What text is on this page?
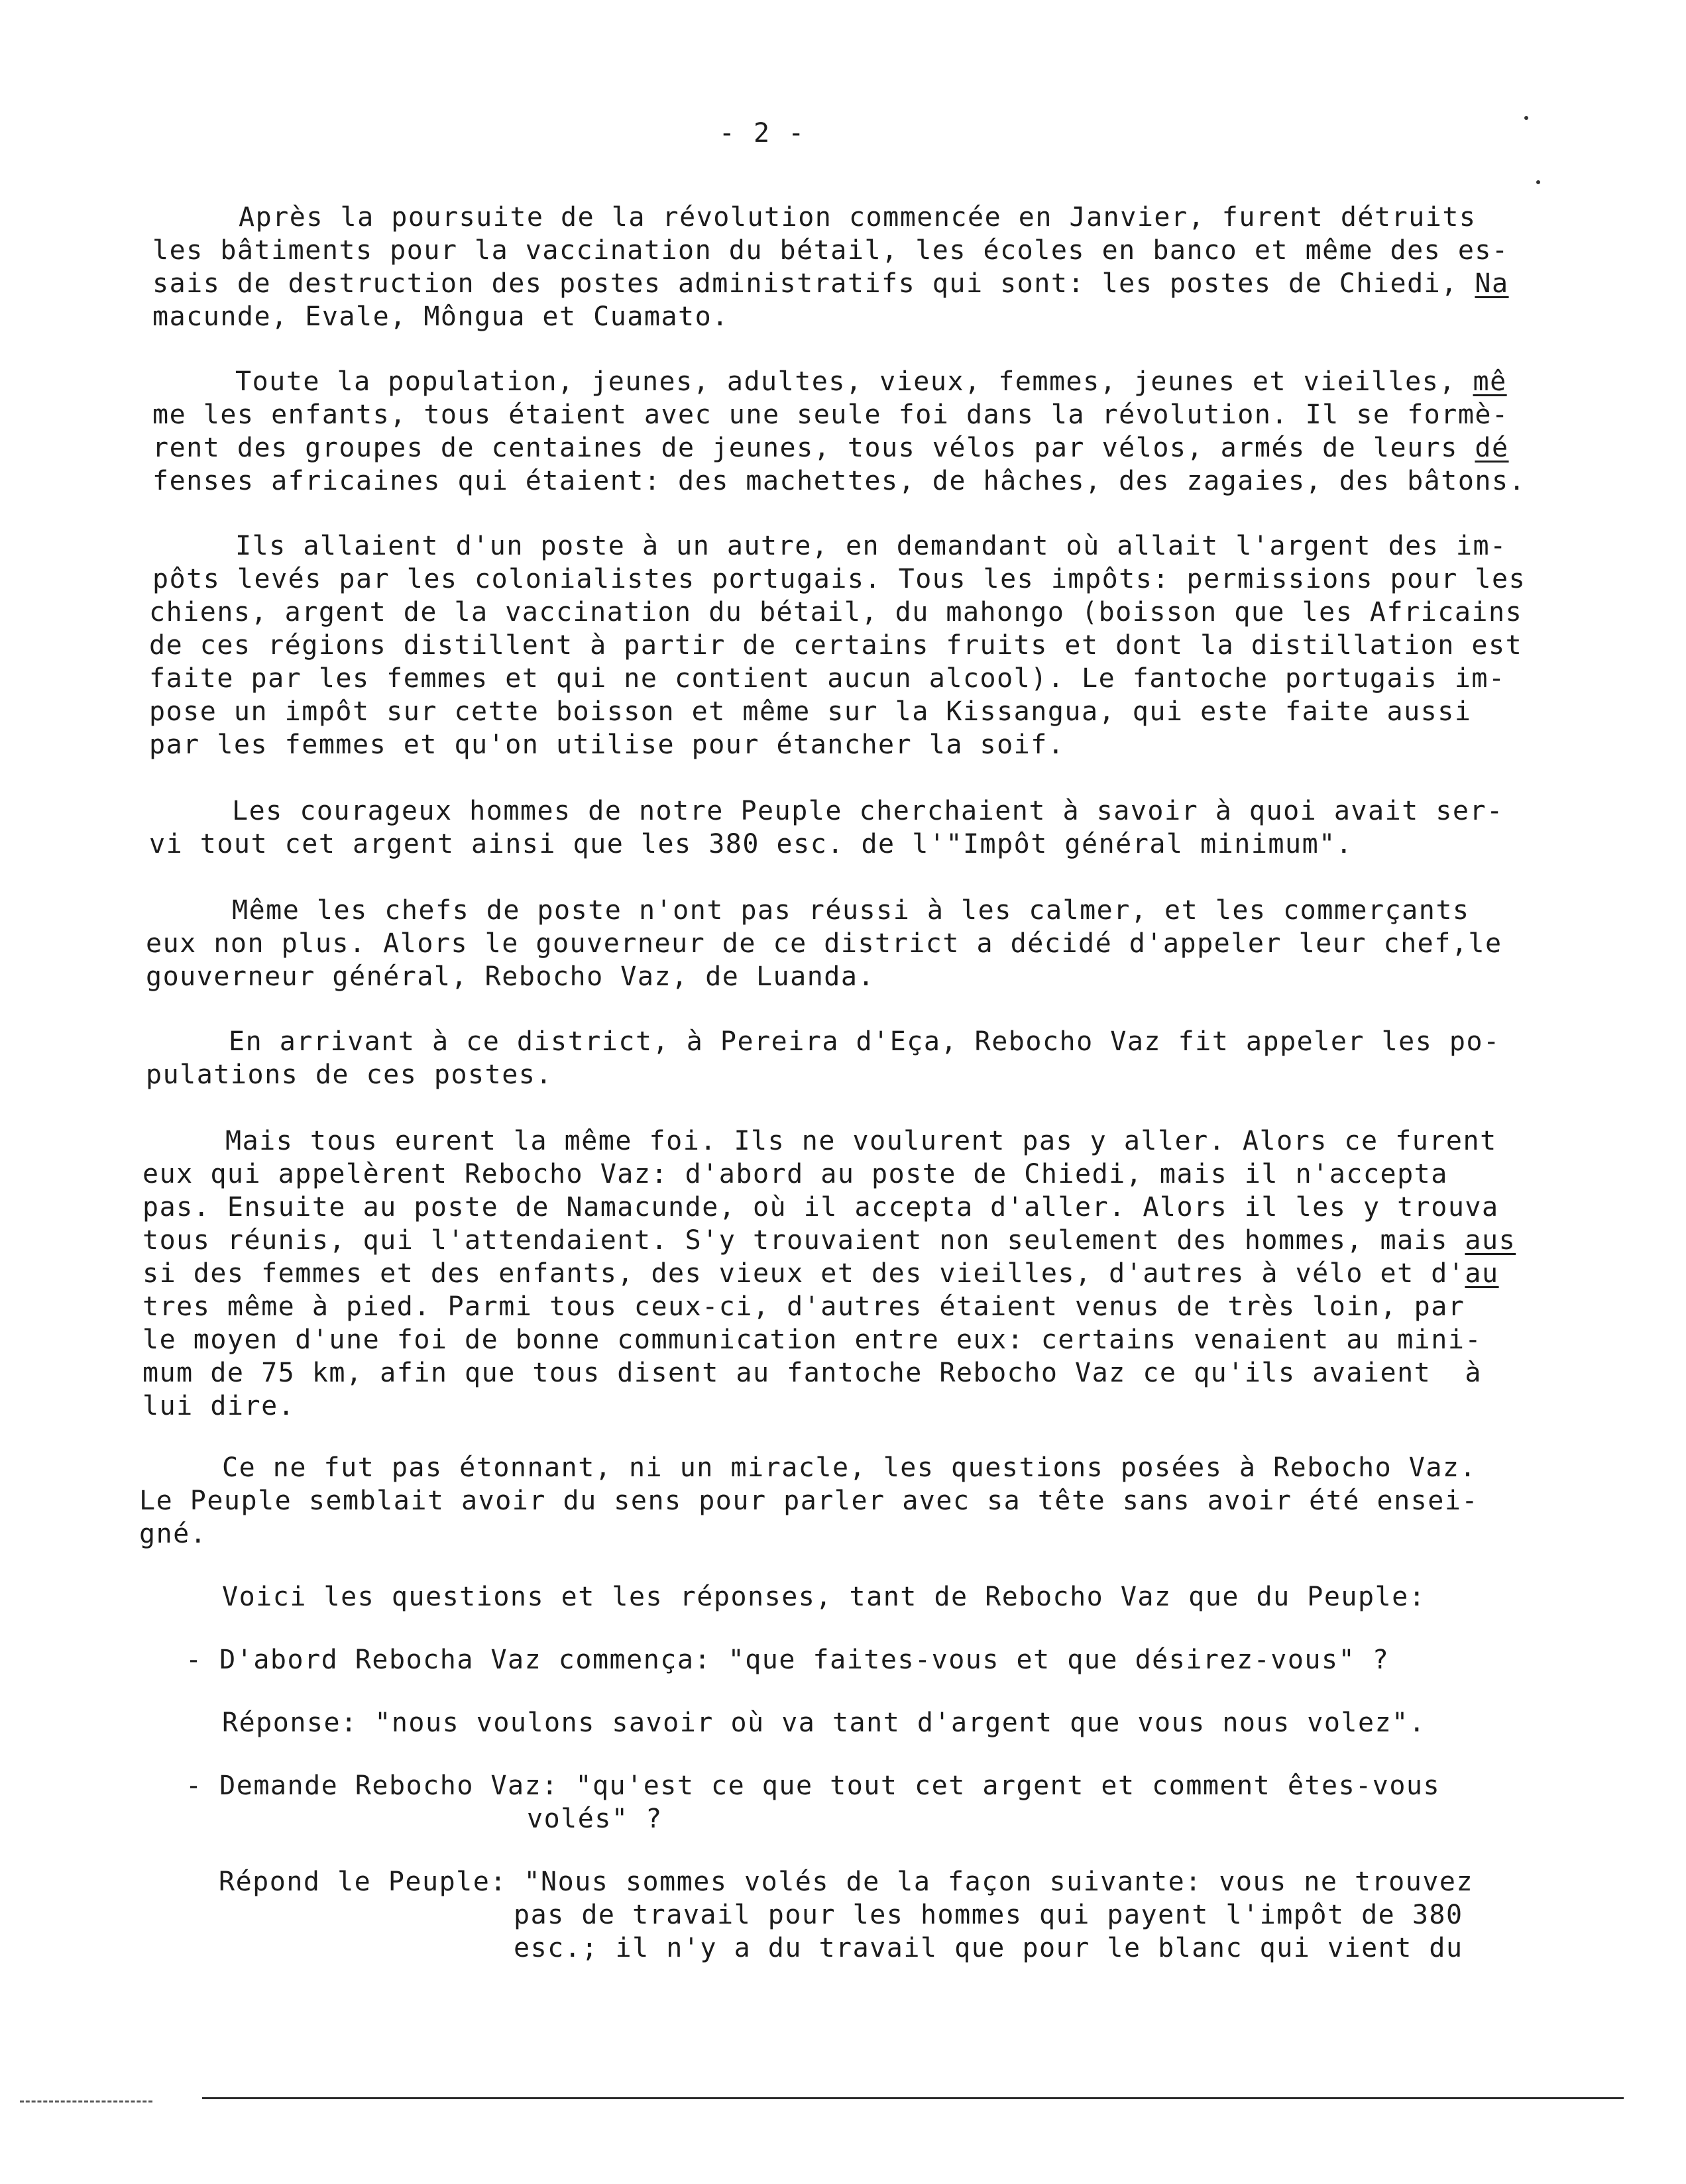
- 2 -
Après la poursuite de la révolution commencée en Janvier, furent détruits
les bâtiments pour la vaccination du bétail, les écoles en banco et même des es-
sais de destruction des postes administratifs qui sont: les postes de Chiedi, Na
macunde, Evale, Môngua et Cuamato.
Toute la population, jeunes, adultes, vieux, femmes, jeunes et vieilles, mê
me les enfants, tous étaient avec une seule foi dans la révolution. Il se formè-
rent des groupes de centaines de jeunes, tous vélos par vélos, armés de leurs dé
fenses africaines qui étaient: des machettes, de hâches, des zagaies, des bâtons.
Ils allaient d'un poste à un autre, en demandant où allait l'argent des im-
pôts levés par les colonialistes portugais. Tous les impôts: permissions pour les
chiens, argent de la vaccination du bétail, du mahongo (boisson que les Africains
de ces régions distillent à partir de certains fruits et dont la distillation est
faite par les femmes et qui ne contient aucun alcool). Le fantoche portugais im-
pose un impôt sur cette boisson et même sur la Kissangua, qui este faite aussi
par les femmes et qu'on utilise pour étancher la soif.
Les courageux hommes de notre Peuple cherchaient à savoir à quoi avait ser-
vi tout cet argent ainsi que les 380 esc. de l'"Impôt général minimum".
Même les chefs de poste n'ont pas réussi à les calmer, et les commerçants
eux non plus. Alors le gouverneur de ce district a décidé d'appeler leur chef,le
gouverneur général, Rebocho Vaz, de Luanda.
En arrivant à ce district, à Pereira d'Eça, Rebocho Vaz fit appeler les po-
pulations de ces postes.
Mais tous eurent la même foi. Ils ne voulurent pas y aller. Alors ce furent
eux qui appelèrent Rebocho Vaz: d'abord au poste de Chiedi, mais il n'accepta
pas. Ensuite au poste de Namacunde, où il accepta d'aller. Alors il les y trouva
tous réunis, qui l'attendaient. S'y trouvaient non seulement des hommes, mais aus
si des femmes et des enfants, des vieux et des vieilles, d'autres à vélo et d'au
tres même à pied. Parmi tous ceux-ci, d'autres étaient venus de très loin, par
le moyen d'une foi de bonne communication entre eux: certains venaient au mini-
mum de 75 km, afin que tous disent au fantoche Rebocho Vaz ce qu'ils avaient  à
lui dire.
Ce ne fut pas étonnant, ni un miracle, les questions posées à Rebocho Vaz.
Le Peuple semblait avoir du sens pour parler avec sa tête sans avoir été ensei-
gné.
Voici les questions et les réponses, tant de Rebocho Vaz que du Peuple:
- D'abord Rebocha Vaz commença: "que faites-vous et que désirez-vous" ?
Réponse: "nous voulons savoir où va tant d'argent que vous nous volez".
- Demande Rebocho Vaz: "qu'est ce que tout cet argent et comment êtes-vous
volés" ?
Répond le Peuple: "Nous sommes volés de la façon suivante: vous ne trouvez
pas de travail pour les hommes qui payent l'impôt de 380
esc.; il n'y a du travail que pour le blanc qui vient du
